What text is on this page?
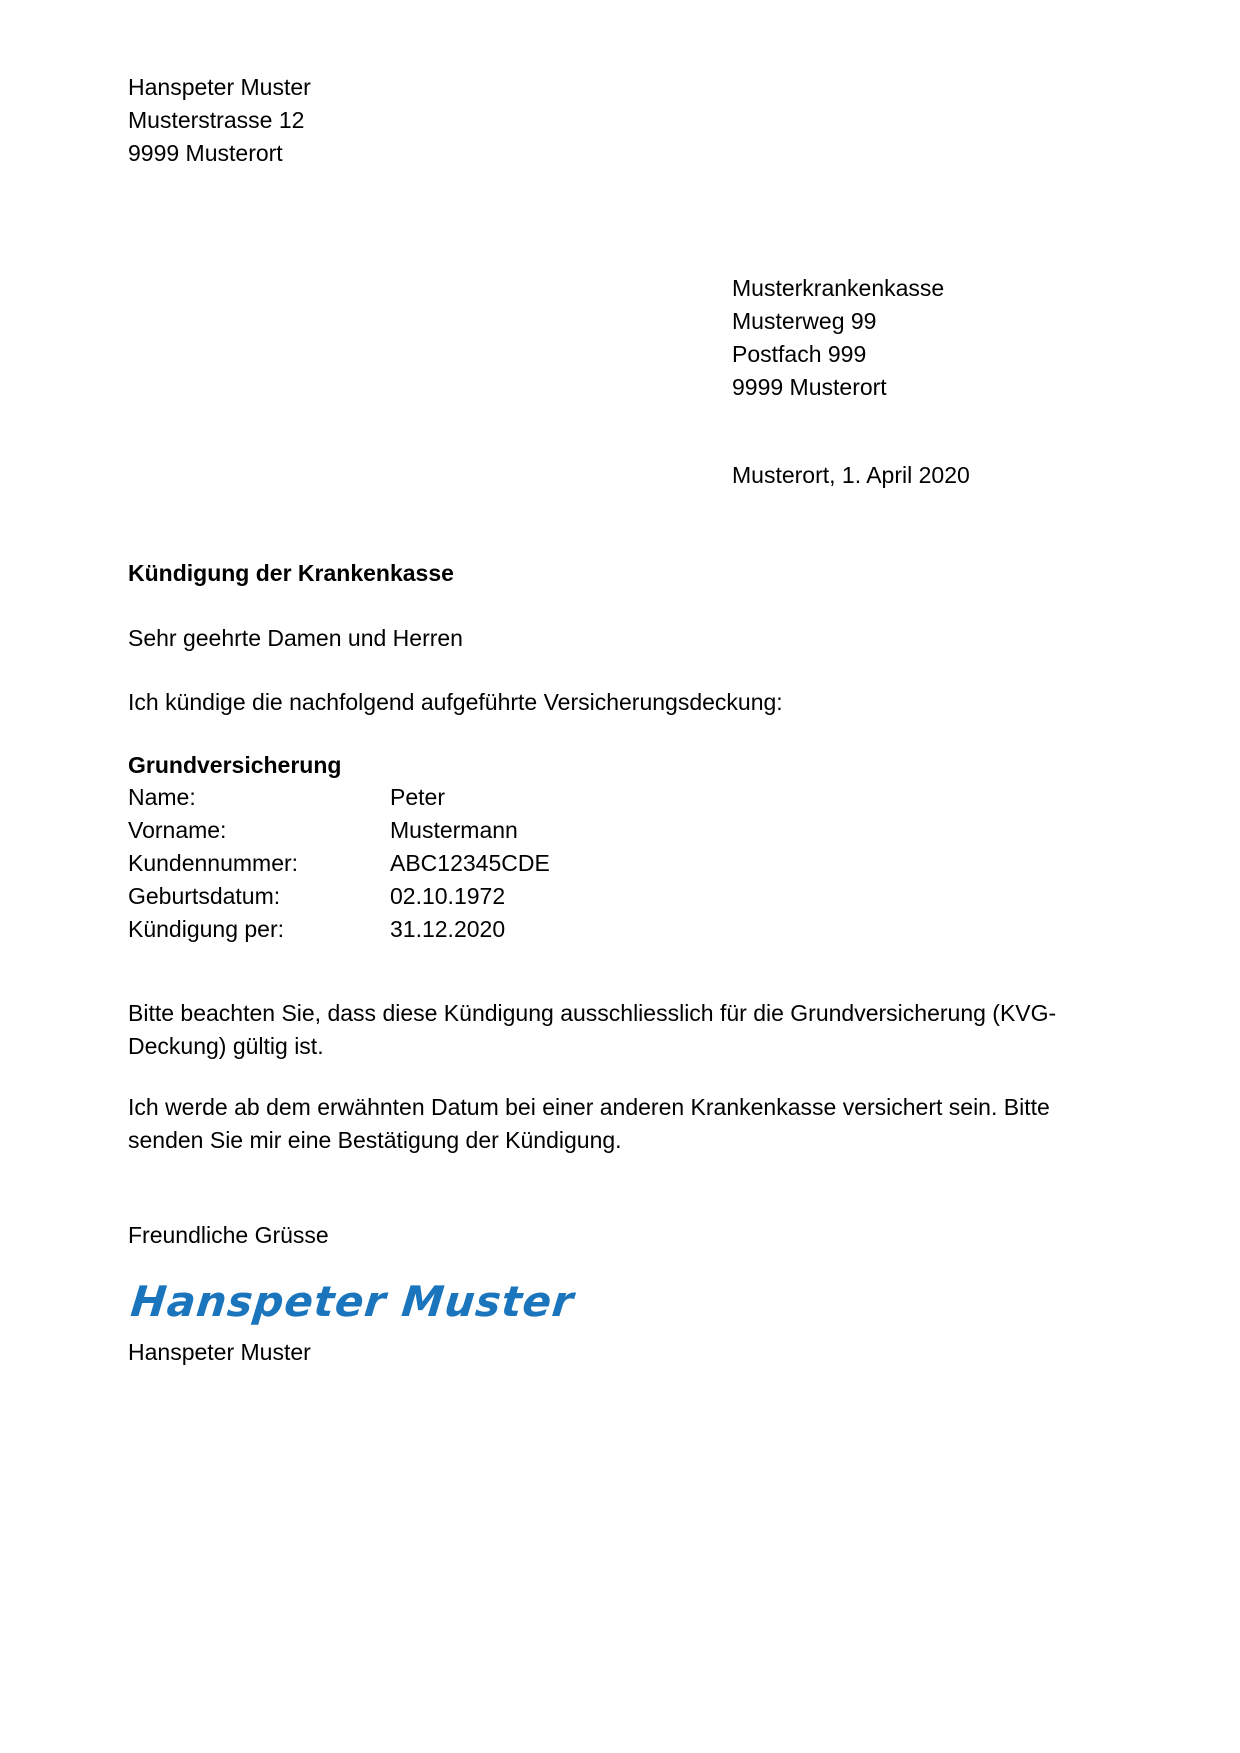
Hanspeter Muster
Musterstrasse 12
9999 Musterort
Musterkrankenkasse
Musterweg 99
Postfach 999
9999 Musterort
Musterort, 1. April 2020
Kündigung der Krankenkasse
Sehr geehrte Damen und Herren
Ich kündige die nachfolgend aufgeführte Versicherungsdeckung:
Grundversicherung
Name:	Peter
Vorname:	Mustermann
Kundennummer:	ABC12345CDE
Geburtsdatum:	02.10.1972
Kündigung per:	31.12.2020
Bitte beachten Sie, dass diese Kündigung ausschliesslich für die Grundversicherung (KVG-Deckung) gültig ist.
Ich werde ab dem erwähnten Datum bei einer anderen Krankenkasse versichert sein. Bitte senden Sie mir eine Bestätigung der Kündigung.
Freundliche Grüsse
Hanspeter Muster
Hanspeter Muster
